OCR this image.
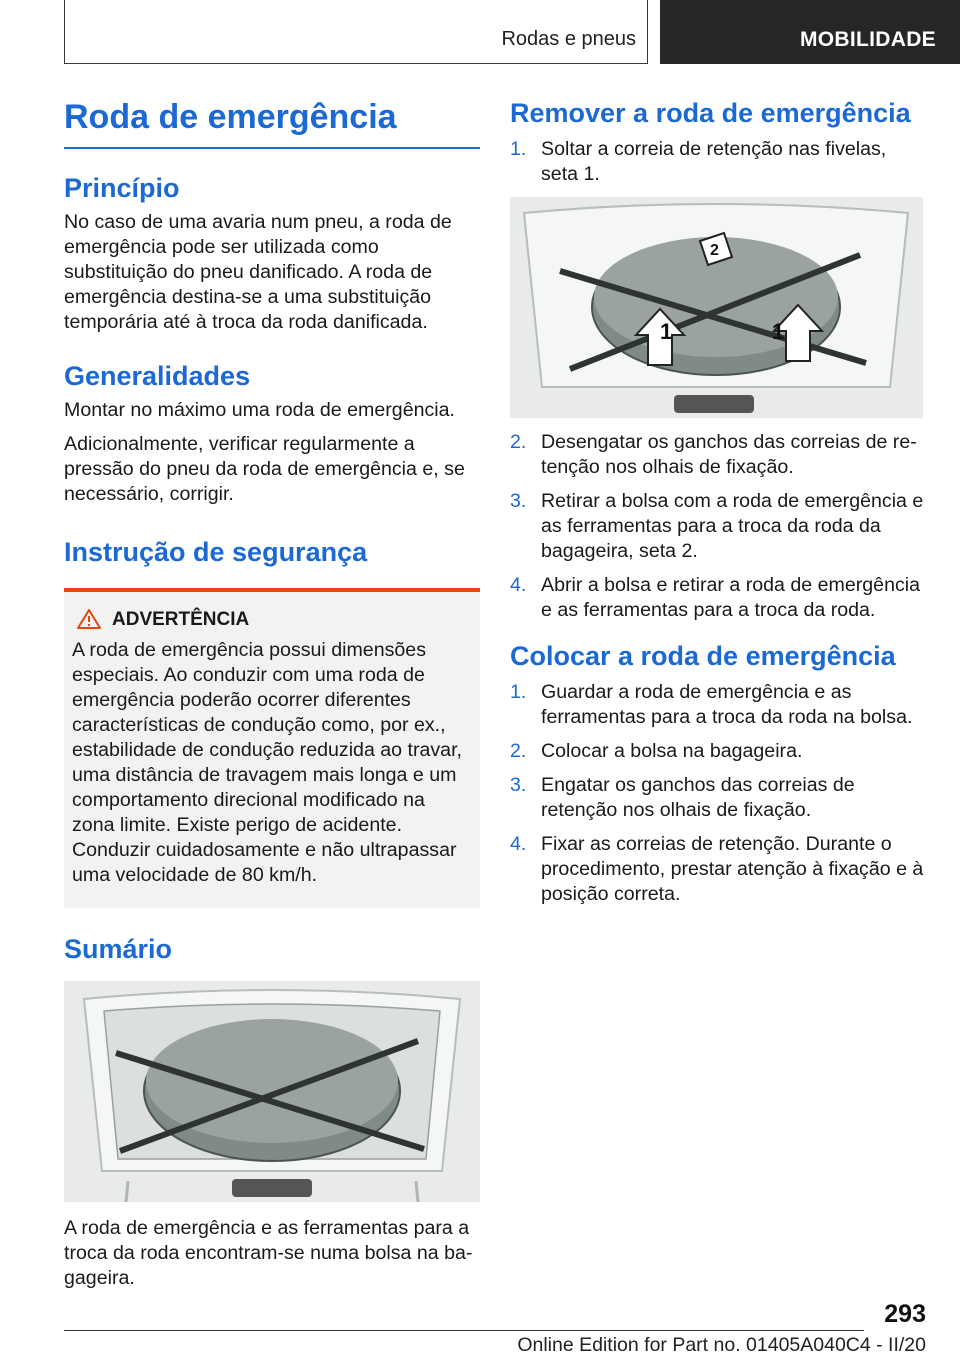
Rodas e pneus	MOBILIDADE
Roda de emergência
Princípio

No caso de uma avaria num pneu, a roda de emergência pode ser utilizada como substituição do pneu danificado. A roda de emergência destina-se a uma substituição temporária até à troca da roda danificada.

Generalidades

Montar no máximo uma roda de emergência.

Adicionalmente, verificar regularmente a pressão do pneu da roda de emergência e, se necessário, corrigir.

Instrução de segurança
ADVERTÊNCIA

A roda de emergência possui dimensões especiais. Ao conduzir com uma roda de emergência poderão ocorrer diferentes características de condução como, por ex., estabilidade de condução reduzida ao travar, uma distância de travagem mais longa e um comportamento direcional modificado na zona limite. Existe perigo de acidente. Conduzir cuidadosamente e não ultrapassar uma velocidade de 80 km/h.

Sumário

A roda de emergência e as ferramentas para a troca da roda encontram-se numa bolsa na bagageira.

Remover a roda de emergência
1. Soltar a correia de retenção nas fivelas, seta 1.
1	1
2
2. Desengatar os ganchos das correias de retenção nos olhais de fixação.
3. Retirar a bolsa com a roda de emergência e as ferramentas para a troca da roda da bagageira, seta 2.
4. Abrir a bolsa e retirar a roda de emergência e as ferramentas para a troca da roda.
Colocar a roda de emergência
1. Guardar a roda de emergência e as ferramentas para a troca da roda na bolsa.
2. Colocar a bolsa na bagageira.
3. Engatar os ganchos das correias de retenção nos olhais de fixação.
4. Fixar as correias de retenção. Durante o procedimento, prestar atenção à fixação e à posição correta.
293
Online Edition for Part no. 01405A040C4 - II/20
